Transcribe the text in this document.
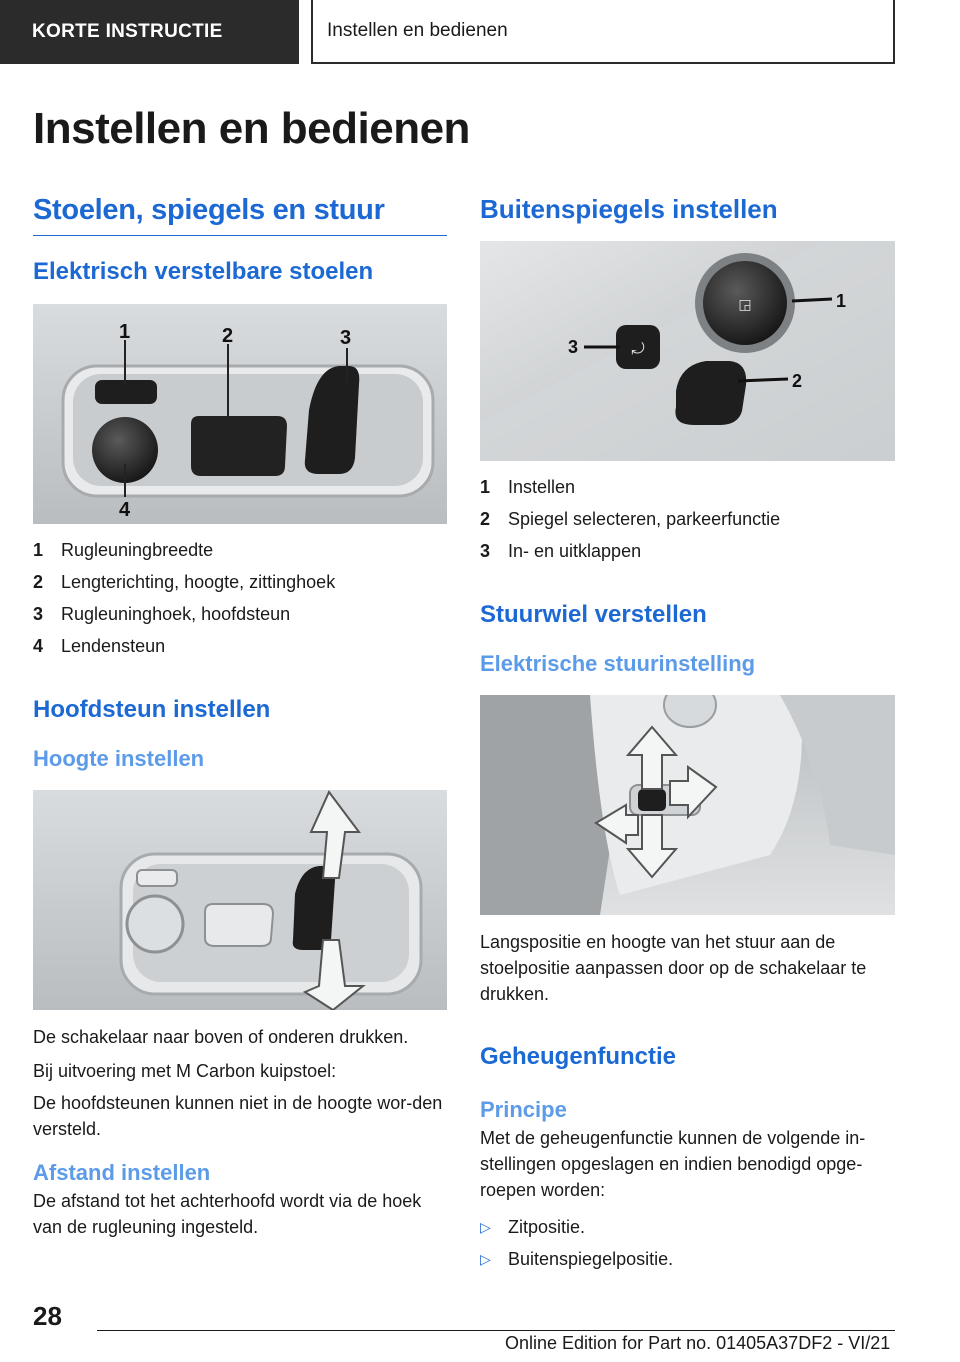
KORTE INSTRUCTIE	Instellen en bedienen
Instellen en bedienen
Stoelen, spiegels en stuur
Elektrisch verstelbare stoelen
1	2	3
4
1 Rugleuningbreedte
2 Lengterichting, hoogte, zittinghoek
3 Rugleuninghoek, hoofdsteun
4 Lendensteun
Hoofdsteun instellen
Hoogte instellen

De schakelaar naar boven of onderen drukken.

Bij uitvoering met M Carbon kuipstoel:

De hoofdsteunen kunnen niet in de hoogte wor-den versteld.

Afstand instellen

De afstand tot het achterhoofd wordt via de hoek van de rugleuning ingesteld.

Buitenspiegels instellen
◲
⤾
1
2
3
1 Instellen
2 Spiegel selecteren, parkeerfunctie
3 In- en uitklappen
Stuurwiel verstellen
Elektrische stuurinstelling

Langspositie en hoogte van het stuur aan de stoelpositie aanpassen door op de schakelaar te drukken.

Geheugenfunctie
Principe

Met de geheugenfunctie kunnen de volgende in-stellingen opgeslagen en indien benodigd opge-roepen worden:

▷ Zitpositie.
▷ Buitenspiegelpositie.
28
Online Edition for Part no. 01405A37DF2 - VI/21
